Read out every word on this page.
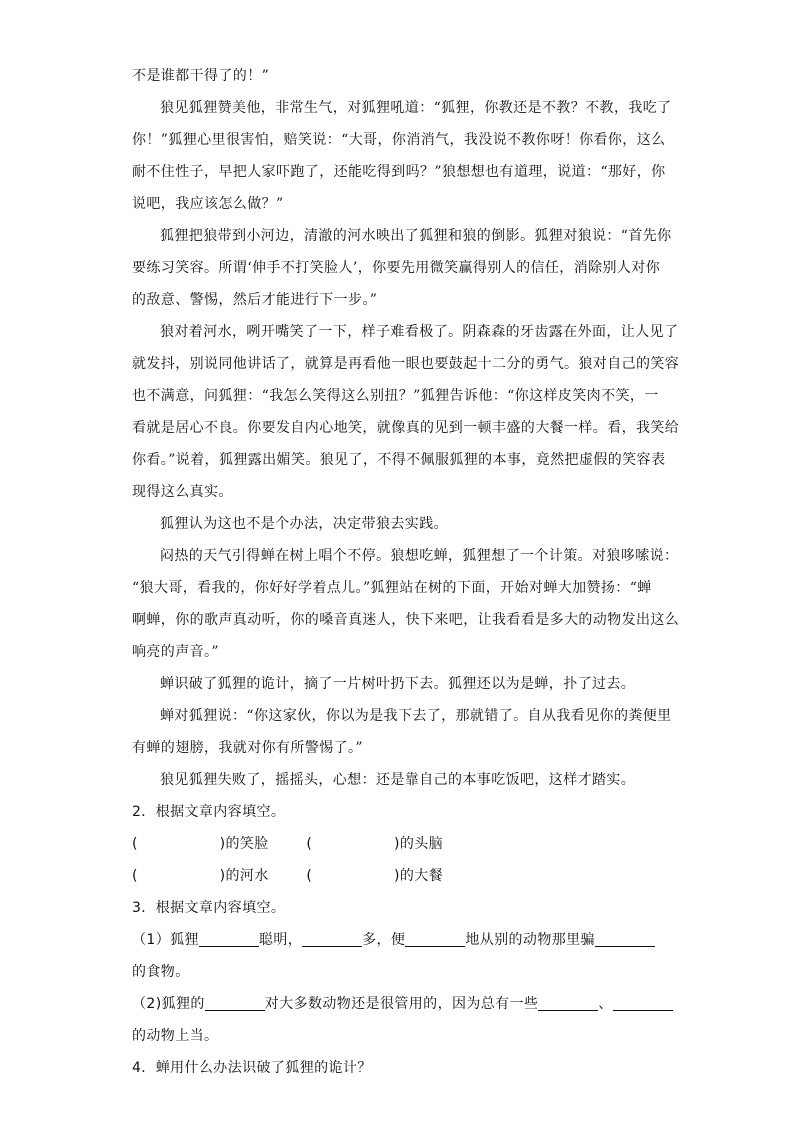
不是谁都干得了的！”
狼见狐狸赞美他，非常生气，对狐狸吼道：“狐狸，你教还是不教？不教，我吃了
你！”狐狸心里很害怕，赔笑说：“大哥，你消消气，我没说不教你呀！你看你，这么
耐不住性子，早把人家吓跑了，还能吃得到吗？”狼想想也有道理，说道：“那好，你
说吧，我应该怎么做？”
狐狸把狼带到小河边，清澈的河水映出了狐狸和狼的倒影。狐狸对狼说：“首先你
要练习笑容。所谓‘伸手不打笑脸人’，你要先用微笑赢得别人的信任，消除别人对你
的敌意、警惕，然后才能进行下一步。”
狼对着河水，咧开嘴笑了一下，样子难看极了。阴森森的牙齿露在外面，让人见了
就发抖，别说同他讲话了，就算是再看他一眼也要鼓起十二分的勇气。狼对自己的笑容
也不满意，问狐狸：“我怎么笑得这么别扭？”狐狸告诉他：“你这样皮笑肉不笑，一
看就是居心不良。你要发自内心地笑，就像真的见到一顿丰盛的大餐一样。看，我笑给
你看。”说着，狐狸露出媚笑。狼见了，不得不佩服狐狸的本事，竟然把虚假的笑容表
现得这么真实。
狐狸认为这也不是个办法，决定带狼去实践。
闷热的天气引得蝉在树上唱个不停。狼想吃蝉，狐狸想了一个计策。对狼哆嗦说：
“狼大哥，看我的，你好好学着点儿。”狐狸站在树的下面，开始对蝉大加赞扬：“蝉
啊蝉，你的歌声真动听，你的嗓音真迷人，快下来吧，让我看看是多大的动物发出这么
响亮的声音。”
蝉识破了狐狸的诡计，摘了一片树叶扔下去。狐狸还以为是蝉，扑了过去。
蝉对狐狸说：“你这家伙，你以为是我下去了，那就错了。自从我看见你的粪便里
有蝉的翅膀，我就对你有所警惕了。”
狼见狐狸失败了，摇摇头，心想：还是靠自己的本事吃饭吧，这样才踏实。
2．根据文章内容填空。
(	)的笑脸	(	)的头脑
(	)的河水	(	)的大餐
3．根据文章内容填空。
（1）狐狸	聪明，	多，便	地从别的动物那里骗
的食物。
（2)狐狸的	对大多数动物还是很管用的，因为总有一些	、
的动物上当。
4．蝉用什么办法识破了狐狸的诡计？
